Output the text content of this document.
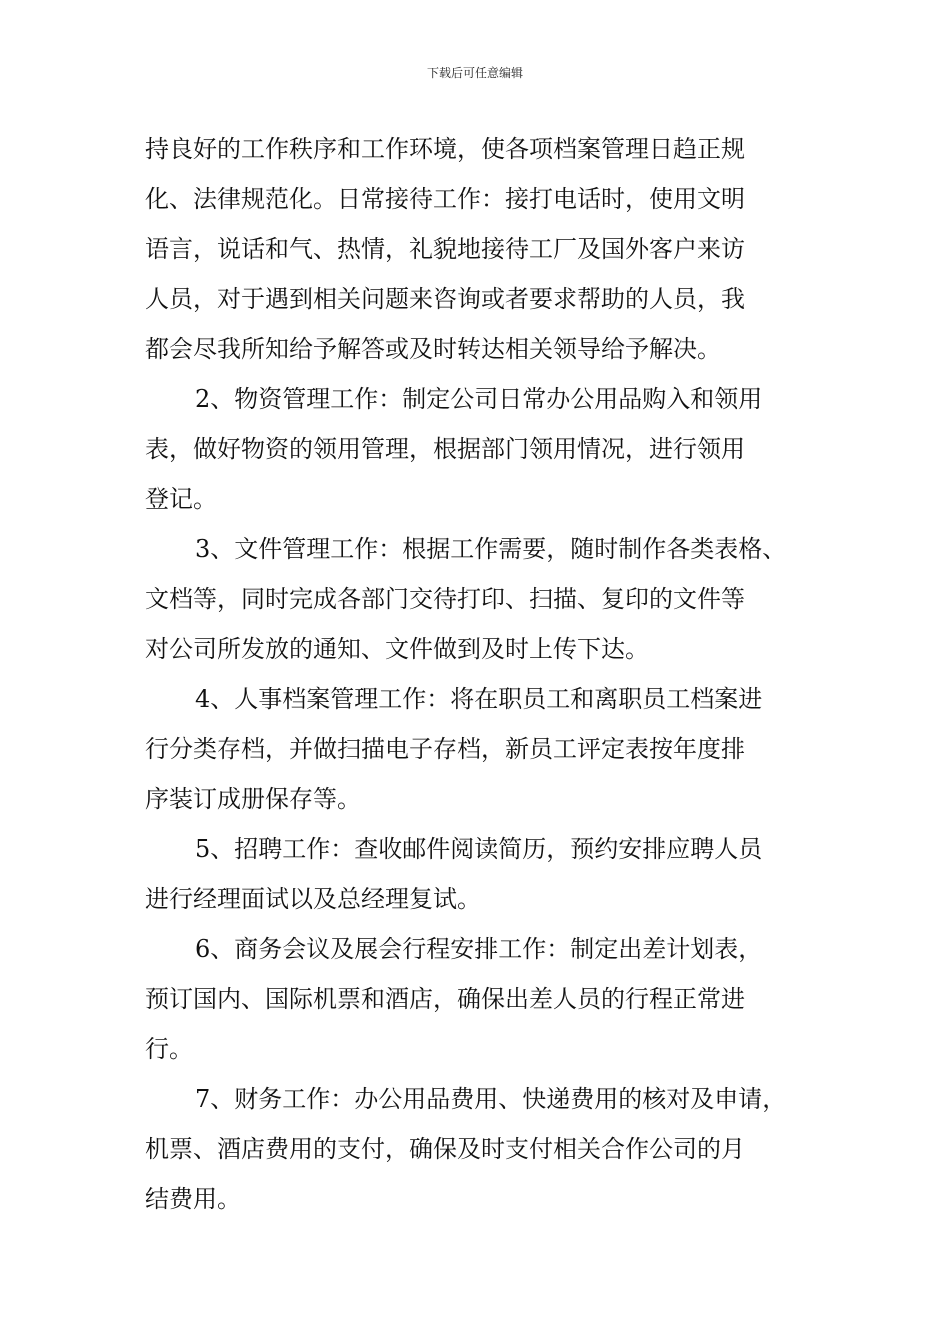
下载后可任意编辑
持良好的工作秩序和工作环境，使各项档案管理日趋正规
化、法律规范化。日常接待工作：接打电话时，使用文明
语言，说话和气、热情，礼貌地接待工厂及国外客户来访
人员，对于遇到相关问题来咨询或者要求帮助的人员，我
都会尽我所知给予解答或及时转达相关领导给予解决。
2、物资管理工作：制定公司日常办公用品购入和领用
表，做好物资的领用管理，根据部门领用情况，进行领用
登记。
3、文件管理工作：根据工作需要，随时制作各类表格、
文档等，同时完成各部门交待打印、扫描、复印的文件等
对公司所发放的通知、文件做到及时上传下达。
4、人事档案管理工作：将在职员工和离职员工档案进
行分类存档，并做扫描电子存档，新员工评定表按年度排
序装订成册保存等。
5、招聘工作：查收邮件阅读简历，预约安排应聘人员
进行经理面试以及总经理复试。
6、商务会议及展会行程安排工作：制定出差计划表，
预订国内、国际机票和酒店，确保出差人员的行程正常进
行。
7、财务工作：办公用品费用、快递费用的核对及申请，
机票、酒店费用的支付，确保及时支付相关合作公司的月
结费用。
